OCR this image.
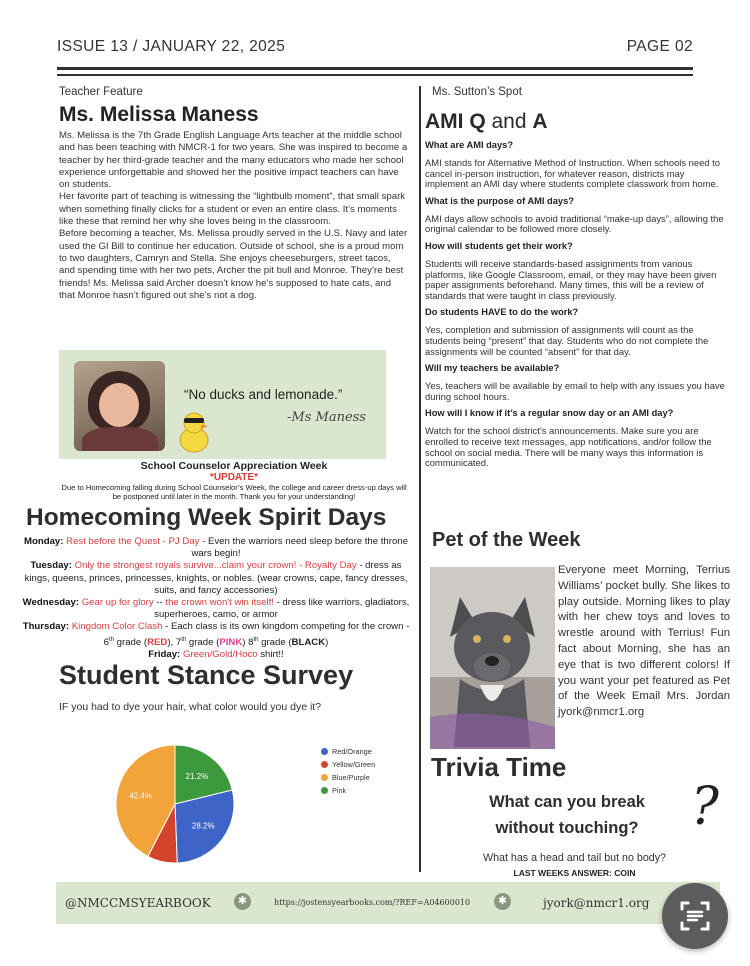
ISSUE 13 / JANUARY 22, 2025	PAGE 02
Teacher Feature
Ms. Melissa Maness

Ms. Melissa is the 7th Grade English Language Arts teacher at the middle school and has been teaching with NMCR-1 for two years. She was inspired to become a teacher by her third-grade teacher and the many educators who made her school experience unforgettable and showed her the positive impact teachers can have on students.

Her favorite part of teaching is witnessing the “lightbulb moment”, that small spark when something finally clicks for a student or even an entire class. It’s moments like these that remind her why she loves being in the classroom.

Before becoming a teacher, Ms. Melissa proudly served in the U.S. Navy and later used the GI Bill to continue her education. Outside of school, she is a proud mom to two daughters, Camryn and Stella. She enjoys cheeseburgers, street tacos, and spending time with her two pets, Archer the pit bull and Monroe. They’re best friends! Ms. Melissa said Archer doesn’t know he’s supposed to hate cats, and that Monroe hasn’t figured out she’s not a dog.

“No ducks and lemonade.”
-Ms Maness
School Counselor Appreciation Week
*UPDATE*
Due to Homecoming falling during School Counselor’s Week, the college and career dress-up days will be postponed until later in the month. Thank you for your understanding!
Homecoming Week Spirit Days
Monday: Rest before the Quest - PJ Day - Even the warriors need sleep before the throne wars begin!
Tuesday: Only the strongest royals survive...claim your crown! - Royalty Day - dress as kings, queens, princes, princesses, knights, or nobles. (wear crowns, cape, fancy dresses, suits, and fancy accessories)
Wednesday: Gear up for glory -- the crown won't win itself! - dress like warriors, gladiators, superheroes, camo, or armor
Thursday: Kingdom Color Clash - Each class is its own kingdom competing for the crown - 6th grade (RED), 7th grade (PINK) 8th grade (BLACK)
Friday: Green/Gold/Hoco shirt!!
Student Stance Survey
IF you had to dye your hair, what color would you dye it?
21.2%
28.2%
42.4%
Red/Orange
Yellow/Green
Blue/Purple
Pink
Ms. Sutton’s Spot
AMI Q and A
What are AMI days?
AMI stands for Alternative Method of Instruction. When schools need to cancel in-person instruction, for whatever reason, districts may implement an AMI day where students complete classwork from home.
What is the purpose of AMI days?
AMI days allow schools to avoid traditional “make-up days”, allowing the original calendar to be followed more closely.
How will students get their work?
Students will receive standards-based assignments from various platforms, like Google Classroom, email, or they may have been given paper assignments beforehand. Many times, this will be a review of standards that were taught in class previously.
Do students HAVE to do the work?
Yes, completion and submission of assignments will count as the students being “present” that day. Students who do not complete the assignments will be counted “absent” for that day.
Will my teachers be available?
Yes, teachers will be available by email to help with any issues you have during school hours.
How will I know if it’s a regular snow day or an AMI day?
Watch for the school district’s announcements. Make sure you are enrolled to receive text messages, app notifications, and/or follow the school on social media. There will be many ways this information is communicated.
Pet of the Week
Everyone meet Morning, Terrius Williams’ pocket bully. She likes to play outside. Morning likes to play with her chew toys and loves to wrestle around with Terrius! Fun fact about Morning, she has an eye that is two different colors! If you want your pet featured as Pet of the Week Email Mrs. Jordan jyork@nmcr1.org
Trivia Time
What can you break without touching?	?
What has a head and tail but no body?
LAST WEEKS ANSWER: COIN
@NMCCMSYEARBOOK	✱	https://jostensyearbooks.com/?REF=A04600010	✱	jyork@nmcr1.org
